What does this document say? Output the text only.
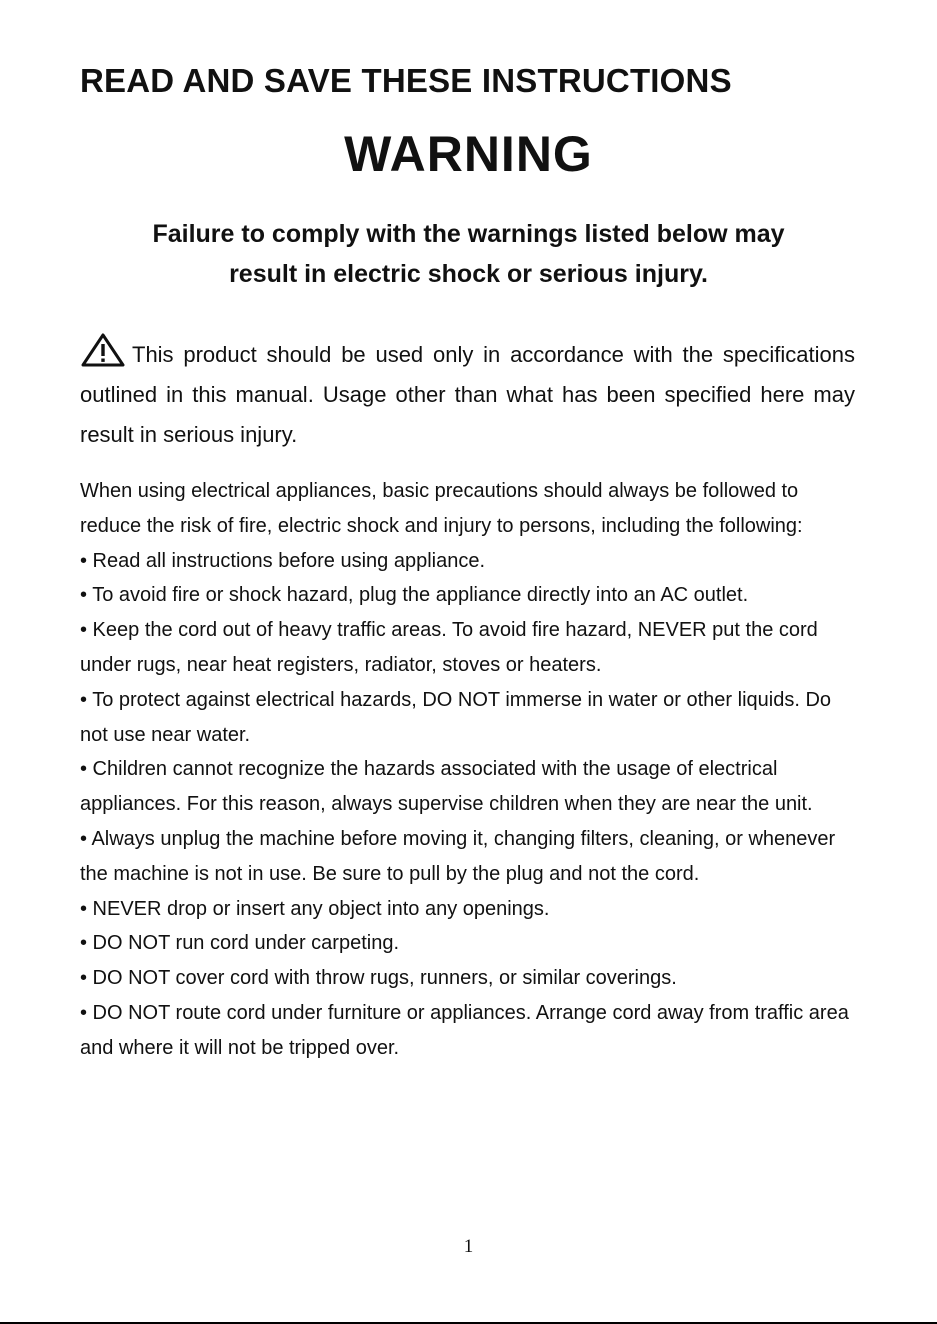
READ AND SAVE THESE INSTRUCTIONS
WARNING
Failure to comply with the warnings listed below may
result in electric shock or serious injury.

This product should be used only in accordance with the specifications outlined in this manual. Usage other than what has been specified here may result in serious injury.

When using electrical appliances, basic precautions should always be followed to reduce the risk of fire, electric shock and injury to persons, including the following:

• Read all instructions before using appliance.

• To avoid fire or shock hazard, plug the appliance directly into an AC outlet.

• Keep the cord out of heavy traffic areas. To avoid fire hazard, NEVER put the cord under rugs, near heat registers, radiator, stoves or heaters.

• To protect against electrical hazards, DO NOT immerse in water or other liquids. Do not use near water.

• Children cannot recognize the hazards associated with the usage of electrical appliances. For this reason, always supervise children when they are near the unit.

• Always unplug the machine before moving it, changing filters, cleaning, or whenever the machine is not in use. Be sure to pull by the plug and not the cord.

• NEVER drop or insert any object into any openings.

• DO NOT run cord under carpeting.

• DO NOT cover cord with throw rugs, runners, or similar coverings.

• DO NOT route cord under furniture or appliances. Arrange cord away from traffic area and where it will not be tripped over.

1
